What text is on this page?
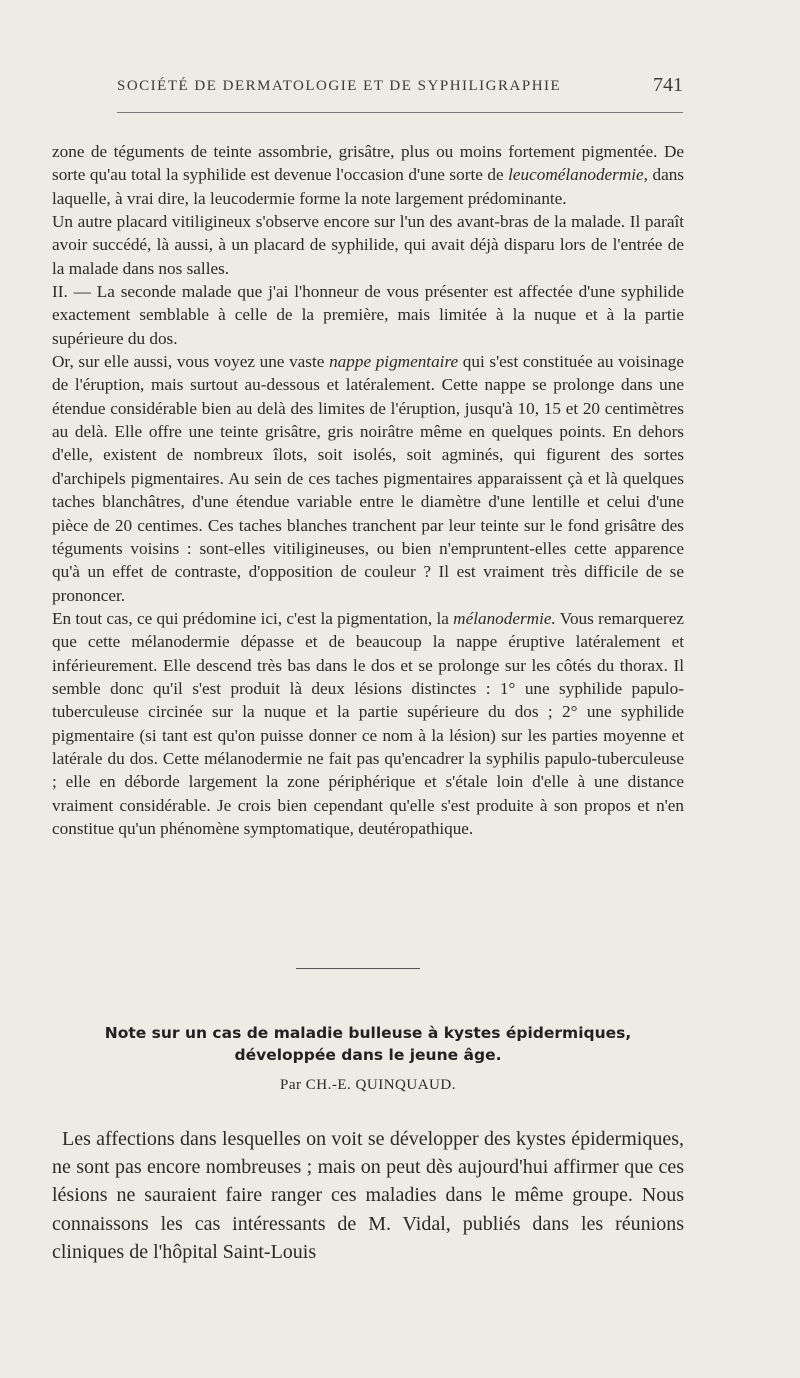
SOCIÉTÉ DE DERMATOLOGIE ET DE SYPHILIGRAPHIE	741

zone de téguments de teinte assombrie, grisâtre, plus ou moins fortement pigmentée. De sorte qu'au total la syphilide est devenue l'occasion d'une sorte de leucomélanodermie, dans laquelle, à vrai dire, la leucodermie forme la note largement prédominante.

Un autre placard vitiligineux s'observe encore sur l'un des avant-bras de la malade. Il paraît avoir succédé, là aussi, à un placard de syphilide, qui avait déjà disparu lors de l'entrée de la malade dans nos salles.

II. — La seconde malade que j'ai l'honneur de vous présenter est affectée d'une syphilide exactement semblable à celle de la première, mais limitée à la nuque et à la partie supérieure du dos.

Or, sur elle aussi, vous voyez une vaste nappe pigmentaire qui s'est constituée au voisinage de l'éruption, mais surtout au-dessous et latéralement. Cette nappe se prolonge dans une étendue considérable bien au delà des limites de l'éruption, jusqu'à 10, 15 et 20 centimètres au delà. Elle offre une teinte grisâtre, gris noirâtre même en quelques points. En dehors d'elle, existent de nombreux îlots, soit isolés, soit agminés, qui figurent des sortes d'archipels pigmentaires. Au sein de ces taches pigmentaires apparaissent çà et là quelques taches blanchâtres, d'une étendue variable entre le diamètre d'une lentille et celui d'une pièce de 20 centimes. Ces taches blanches tranchent par leur teinte sur le fond grisâtre des téguments voisins : sont-elles vitiligineuses, ou bien n'empruntent-elles cette apparence qu'à un effet de contraste, d'opposition de couleur ? Il est vraiment très difficile de se prononcer.

En tout cas, ce qui prédomine ici, c'est la pigmentation, la mélanodermie. Vous remarquerez que cette mélanodermie dépasse et de beaucoup la nappe éruptive latéralement et inférieurement. Elle descend très bas dans le dos et se prolonge sur les côtés du thorax. Il semble donc qu'il s'est produit là deux lésions distinctes : 1° une syphilide papulo-tuberculeuse circinée sur la nuque et la partie supérieure du dos ; 2° une syphilide pigmentaire (si tant est qu'on puisse donner ce nom à la lésion) sur les parties moyenne et latérale du dos. Cette mélanodermie ne fait pas qu'encadrer la syphilis papulo-tuberculeuse ; elle en déborde largement la zone périphérique et s'étale loin d'elle à une distance vraiment considérable. Je crois bien cependant qu'elle s'est produite à son propos et n'en constitue qu'un phénomène symptomatique, deutéropathique.

Note sur un cas de maladie bulleuse à kystes épidermiques,
développée dans le jeune âge.
Par CH.-E. QUINQUAUD.

Les affections dans lesquelles on voit se développer des kystes épidermiques, ne sont pas encore nombreuses ; mais on peut dès aujourd'hui affirmer que ces lésions ne sauraient faire ranger ces maladies dans le même groupe. Nous connaissons les cas intéressants de M. Vidal, publiés dans les réunions cliniques de l'hôpital Saint-Louis
